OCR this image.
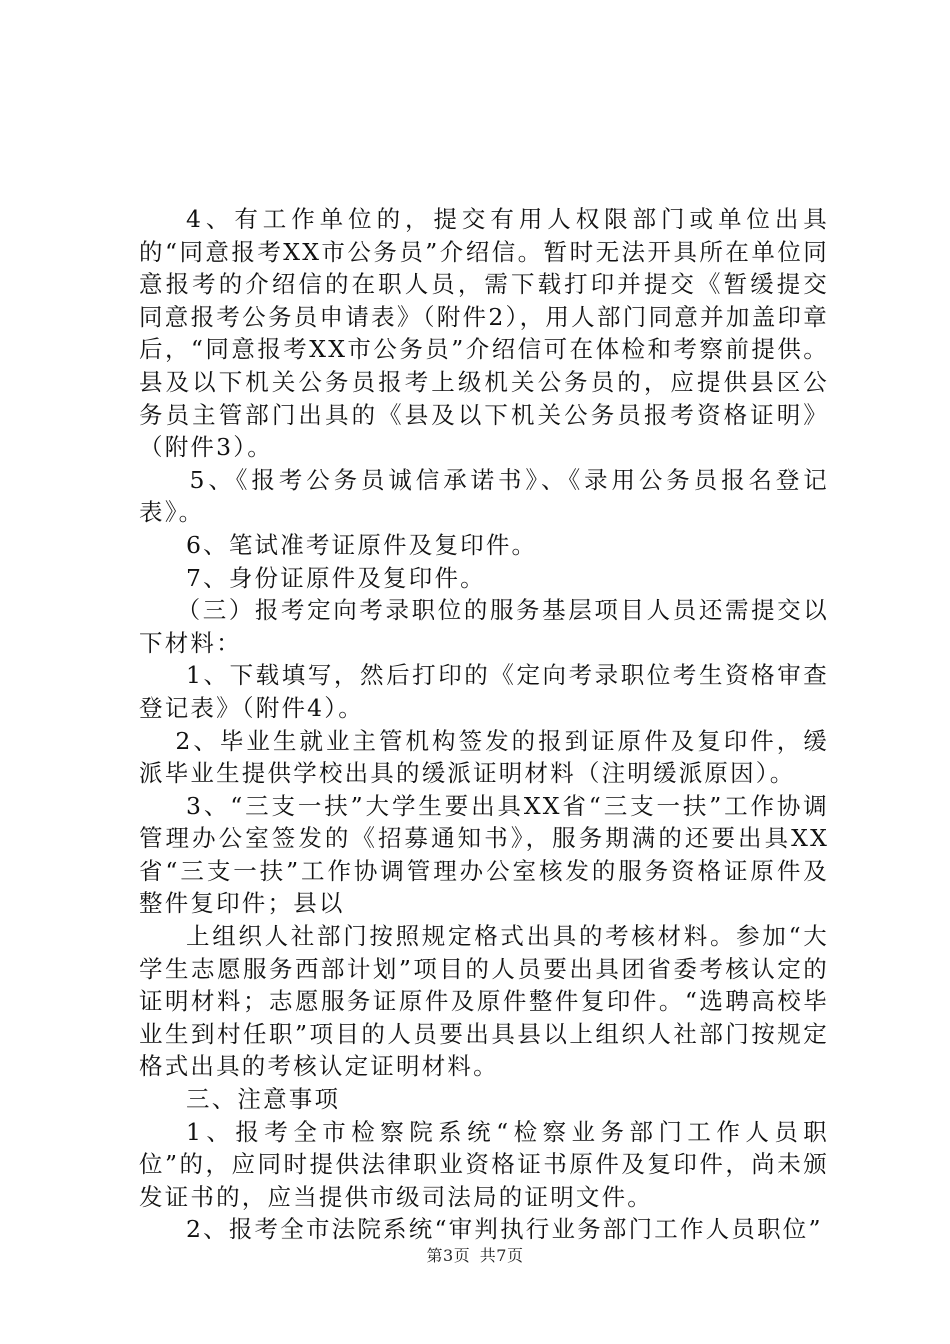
4、有工作单位的，提交有用人权限部门或单位出具的“同意报考XX市公务员”介绍信。暂时无法开具所在单位同意报考的介绍信的在职人员，需下载打印并提交《暂缓提交同意报考公务员申请表》（附件2），用人部门同意并加盖印章后，“同意报考XX市公务员”介绍信可在体检和考察前提供。县及以下机关公务员报考上级机关公务员的，应提供县区公务员主管部门出具的《县及以下机关公务员报考资格证明》（附件3）。

5、《报考公务员诚信承诺书》、《录用公务员报名登记表》。

6、笔试准考证原件及复印件。

7、身份证原件及复印件。

（三）报考定向考录职位的服务基层项目人员还需提交以下材料：

1、下载填写，然后打印的《定向考录职位考生资格审查登记表》（附件4）。

2、毕业生就业主管机构签发的报到证原件及复印件，缓派毕业生提供学校出具的缓派证明材料（注明缓派原因）。

3、“三支一扶”大学生要出具XX省“三支一扶”工作协调管理办公室签发的《招募通知书》，服务期满的还要出具XX省“三支一扶”工作协调管理办公室核发的服务资格证原件及整件复印件；县以

上组织人社部门按照规定格式出具的考核材料。参加“大学生志愿服务西部计划”项目的人员要出具团省委考核认定的证明材料；志愿服务证原件及原件整件复印件。“选聘高校毕业生到村任职”项目的人员要出具县以上组织人社部门按规定格式出具的考核认定证明材料。

三、注意事项

1、报考全市检察院系统“检察业务部门工作人员职位”的，应同时提供法律职业资格证书原件及复印件，尚未颁发证书的，应当提供市级司法局的证明文件。

2、报考全市法院系统“审判执行业务部门工作人员职位”

第3页 共7页
